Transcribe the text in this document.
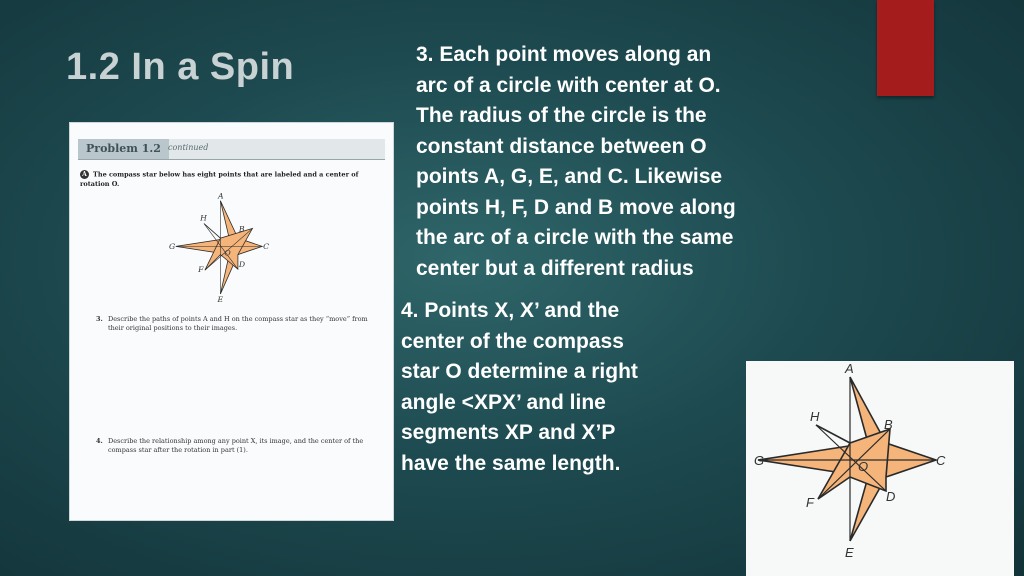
1.2 In a Spin	3. Each point moves along an
arc of a circle with center at O.
The radius of the circle is the
constant distance between O
points A, G, E, and C. Likewise
points H, F, D and B move along
the arc of a circle with the same
center but a different radius
4. Points X, X’ and the
center of the compass
star O determine a right
angle <XPX’ and line
segments XP and X’P
have the same length.
Problem 1.2 continued
A The compass star below has eight points that are labeled and a center of rotation O.
A
H
B
G	C
O
F
D
E
3. Describe the paths of points A and H on the compass star as they “move” from their original positions to their images.
4. Describe the relationship among any point X, its image, and the center of the compass star after the rotation in part (1).
A
H
B
G	C
O
F	D
E
